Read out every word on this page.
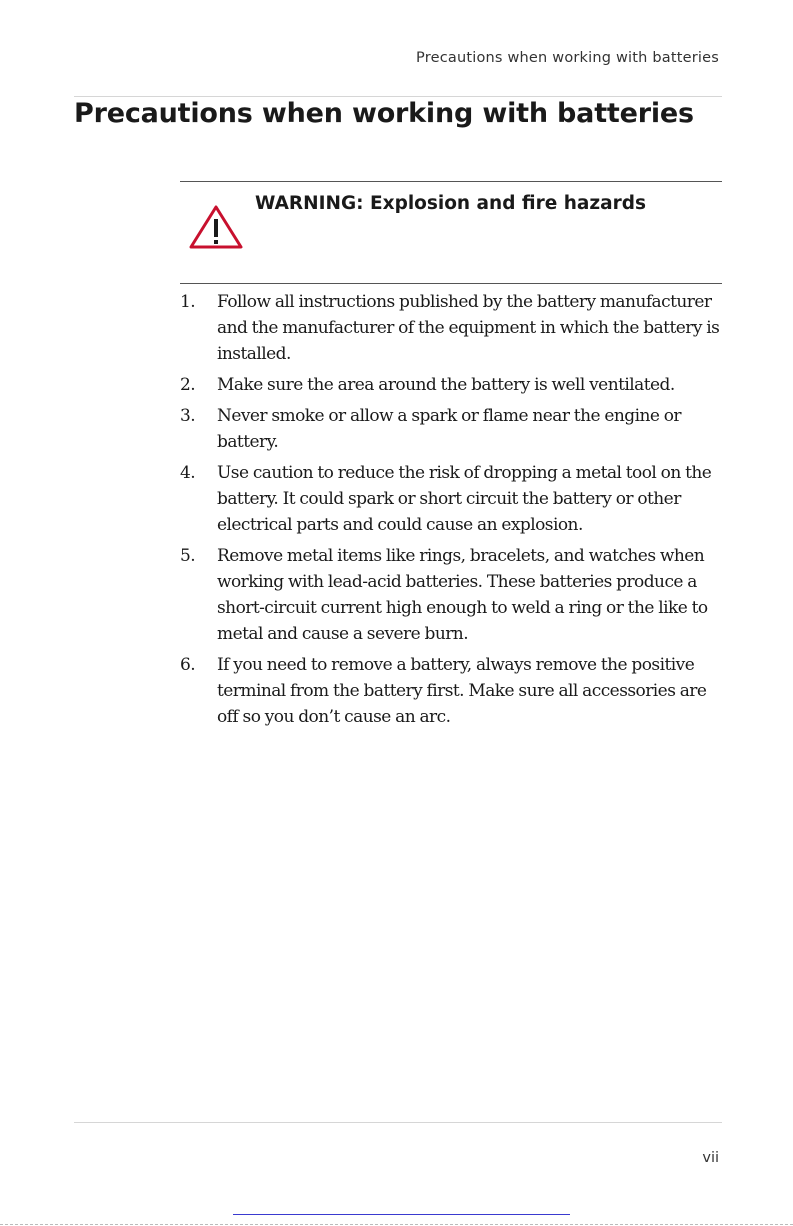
Precautions when working with batteries
Precautions when working with batteries
WARNING: Explosion and fire hazards
1. Follow all instructions published by the battery manufacturer and the manufacturer of the equipment in which the battery is installed.
2. Make sure the area around the battery is well ventilated.
3. Never smoke or allow a spark or flame near the engine or battery.
4. Use caution to reduce the risk of dropping a metal tool on the battery. It could spark or short circuit the battery or other electrical parts and could cause an explosion.
5. Remove metal items like rings, bracelets, and watches when working with lead-acid batteries. These batteries produce a short-circuit current high enough to weld a ring or the like to metal and cause a severe burn.
6. If you need to remove a battery, always remove the positive terminal from the battery first. Make sure all accessories are off so you don’t cause an arc.
vii
